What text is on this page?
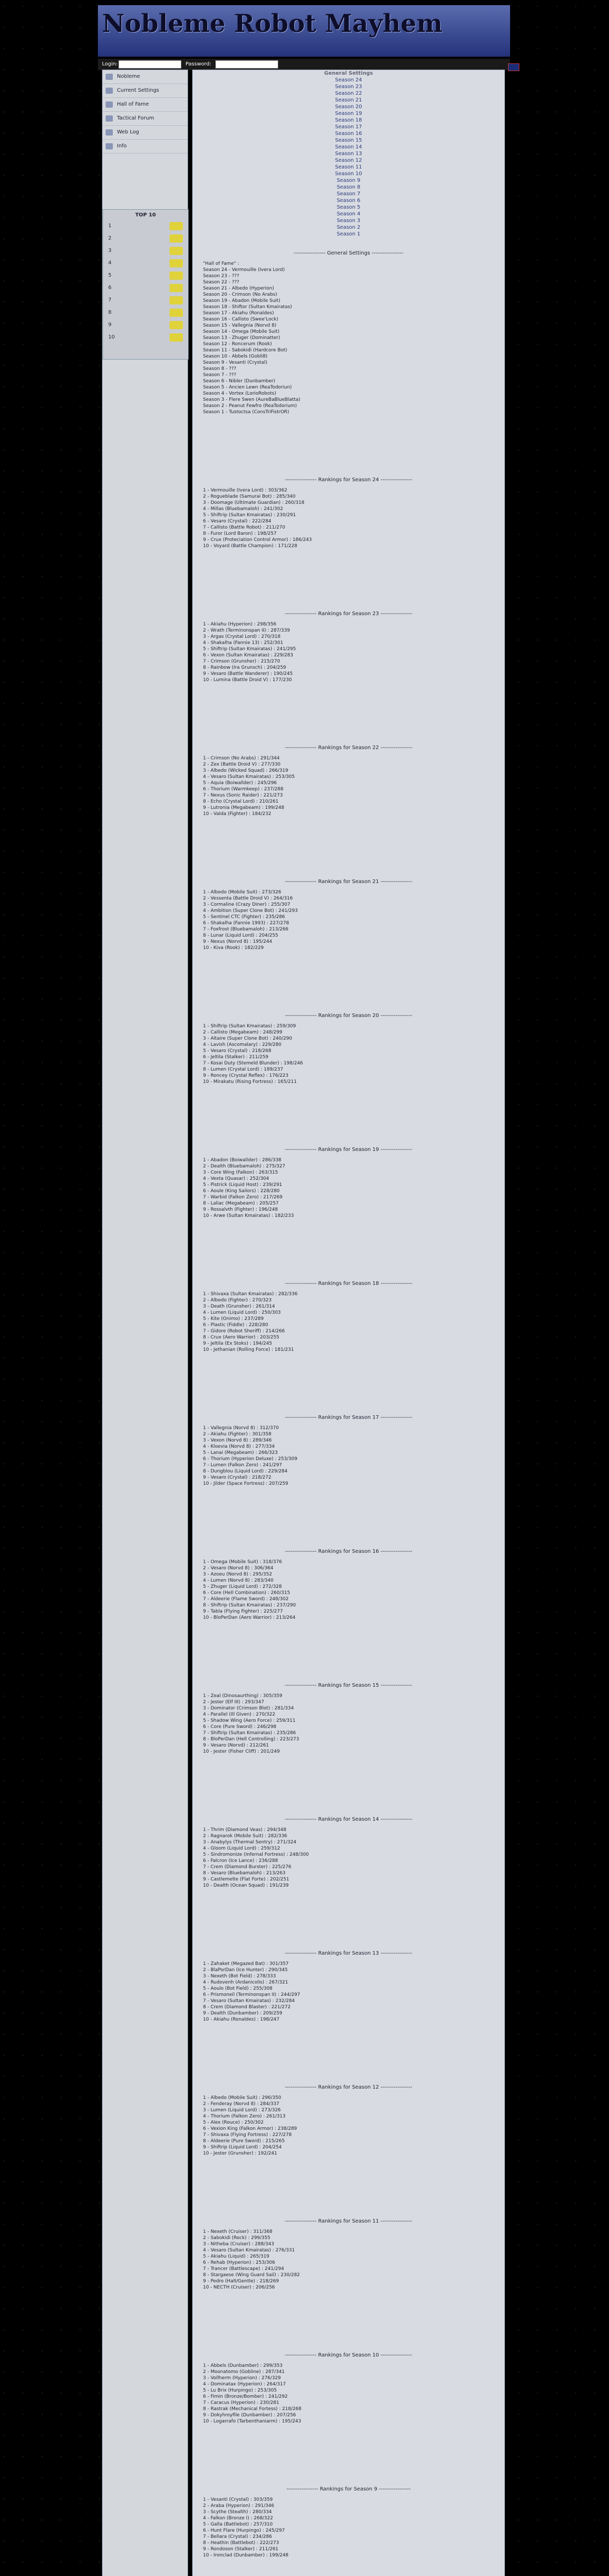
Nobleme Robot Mayhem
Login:	Password:
Nobleme
Current Settings
Hall of Fame
Tactical Forum
Web Log
Info
TOP 10
1
2
3
4
5
6
7
8
9
10
General Settings
Season 24
Season 23
Season 22
Season 21
Season 20
Season 19
Season 18
Season 17
Season 16
Season 15
Season 14
Season 13
Season 12
Season 11
Season 10
Season 9
Season 8
Season 7
Season 6
Season 5
Season 4
Season 3
Season 2
Season 1
----------------- General Settings -----------------
"Hall of Fame" :
Season 24 - Vermouille (Ivera Lord)
Season 23 - ???
Season 22 - ???
Season 21 - Albedo (Hyperion)
Season 20 - Crimson (No Arabs)
Season 19 - Abadon (Mobile Suit)
Season 18 - Shiftor (Sultan Kmairatas)
Season 17 - Akiahu (Ronaldes)
Season 16 - Callisto (Swee'Lock)
Season 15 - Vallegnia (Norvd 8)
Season 14 - Omega (Mobile Suit)
Season 13 - Zhuger (Dominatter)
Season 12 - Roncerum (Rook)
Season 11 - Sabokidi (Hardcore Bot)
Season 10 - Abbels (Gobli8)
Season 9 - Vesanti (Crystal)
Season 8 - ???
Season 7 - ???
Season 6 - Nibler (Dunbamber)
Season 5 - Ancien Lewn (ReaTodoriun)
Season 4 - Vortex (LorioRobots)
Season 3 - Flere Swen (AureBaBlueBlatta)
Season 2 - Peanut Fewfro (ReaTodorium)
Season 1 - Tustoctsa (ConsTriFistrOR)
----------------- Rankings for Season 24 -----------------
1 - Vermouille (Ivera Lord) : 303/362
2 - Rogueblade (Samurai Bot) : 285/340
3 - Doomage (Ultimate Guardian) : 260/318
4 - Millas (Bluebamaloh) : 241/302
5 - Shiftrip (Sultan Kmairatas) : 230/291
6 - Vesaro (Crystal) : 222/284
7 - Callisto (Battle Robot) : 211/270
8 - Furor (Lord Baron) : 198/257
9 - Crux (Proteciation Control Armor) : 186/243
10 - Voyard (Battle Champion) : 171/228
----------------- Rankings for Season 23 -----------------
1 - Akiahu (Hyperion) : 298/356
2 - Wrath (Terminonspan II) : 287/339
3 - Argas (Crystal Lord) : 270/318
4 - Shakalha (Fannie 13) : 252/301
5 - Shiftrip (Sultan Kmairatas) : 241/295
6 - Vexon (Sultan Kmairatas) : 229/283
7 - Crimson (Grunsher) : 215/270
8 - Rainbow (Ira Grunsch) : 204/259
9 - Vesaro (Battle Wanderer) : 190/245
10 - Lumina (Battle Droid V) : 177/230
----------------- Rankings for Season 22 -----------------
1 - Crimson (No Arabs) : 291/344
2 - Zex (Battle Droid V) : 277/330
3 - Albedo (Wicked Squad) : 266/319
4 - Vesaro (Sultan Kmairatas) : 253/305
5 - Aquia (Boiwallder) : 245/296
6 - Thorium (Warmkeep) : 237/288
7 - Nexus (Sonic Raider) : 221/273
8 - Echo (Crystal Lord) : 210/261
9 - Lutronia (Megabeam) : 199/248
10 - Valda (Fighter) : 184/232
----------------- Rankings for Season 21 -----------------
1 - Albedo (Mobile Suit) : 273/326
2 - Vessenta (Battle Droid V) : 264/316
3 - Cormaline (Crazy Diner) : 255/307
4 - Ambition (Super Clone Bot) : 241/293
5 - Sentinel CTC (Fighter) : 235/286
6 - Shakalha (Fannie 1993) : 227/278
7 - Foxfrost (Bluebamaloh) : 213/266
8 - Lunar (Liquid Lord) : 204/255
9 - Nexus (Norvd 8) : 195/244
10 - Kiva (Rook) : 182/229
----------------- Rankings for Season 20 -----------------
1 - Shiftrip (Sultan Kmairatas) : 259/309
2 - Callisto (Megabeam) : 248/299
3 - Altaire (Super Clone Bot) : 240/290
4 - Lavish (Ascomalary) : 229/280
5 - Vesaro (Crystal) : 218/268
6 - Jeltila (Stalker) : 211/259
7 - Kosai Duty (Stemeld Blunder) : 198/246
8 - Lumen (Crystal Lord) : 189/237
9 - Roncey (Crystal Reflex) : 176/223
10 - Mirakatu (Rising Fortress) : 165/211
----------------- Rankings for Season 19 -----------------
1 - Abadon (Boiwallder) : 286/338
2 - Dealth (Bluebamaloh) : 275/327
3 - Core Wing (Falkon) : 263/315
4 - Vexta (Quasar) : 252/304
5 - Pistrick (Liquid Host) : 239/291
6 - Aoule (King Sailors) : 228/280
7 - Warbid (Falkon Zero) : 217/269
8 - Laliac (Megabeam) : 205/257
9 - Rossalvth (Fighter) : 196/248
10 - Arwe (Sultan Kmairatas) : 182/233
----------------- Rankings for Season 18 -----------------
1 - Shivaxa (Sultan Kmairatas) : 282/336
2 - Albedo (Fighter) : 270/323
3 - Death (Grunsher) : 261/314
4 - Lumen (Liquid Lord) : 250/303
5 - Kite (Onimo) : 237/289
6 - Plastic (Fiddle) : 228/280
7 - Gidore (Robot Sheriff) : 214/266
8 - Crux (Aero Warrior) : 203/255
9 - Jeltila (Ex Stoks) : 194/245
10 - Jethanian (Rolling Force) : 181/231
----------------- Rankings for Season 17 -----------------
1 - Vallegnia (Norvd 8) : 312/370
2 - Akiahu (Fighter) : 301/358
3 - Vexon (Norvd 8) : 289/346
4 - Kloevia (Norvd 8) : 277/334
5 - Lanai (Megabeam) : 266/323
6 - Thorium (Hyperion Deluxe) : 253/309
7 - Lumen (Falkon Zero) : 241/297
8 - Dungblou (Liquid Lord) : 229/284
9 - Vesaro (Crystal) : 218/272
10 - Jilder (Space Fortress) : 207/259
----------------- Rankings for Season 16 -----------------
1 - Omega (Mobile Suit) : 318/376
2 - Vesaro (Norvd 8) : 306/364
3 - Azoeu (Norvd 8) : 295/352
4 - Lumen (Norvd 8) : 283/340
5 - Zhuger (Liquid Lord) : 272/328
6 - Core (Hell Combination) : 260/315
7 - Aldeerie (Flame Sword) : 248/302
8 - Shiftrip (Sultan Kmairatas) : 237/290
9 - Tabla (Flying Fighter) : 225/277
10 - BloPerDan (Aero Warrior) : 213/264
----------------- Rankings for Season 15 -----------------
1 - Zeal (Dinosaurthing) : 305/359
2 - Jester (Elf III) : 293/347
3 - Dominator (Crimson Blot) : 281/334
4 - Parallel (Ill Given) : 270/322
5 - Shadow Wing (Aero Force) : 259/311
6 - Core (Pure Sword) : 246/298
7 - Shiftrip (Sultan Kmairatas) : 235/286
8 - BloPerDan (Hell Controlling) : 223/273
9 - Vesaro (Norvd) : 212/261
10 - Jester (Fisher Cliff) : 201/249
----------------- Rankings for Season 14 -----------------
1 - Thrim (Diamond Veas) : 294/348
2 - Ragnarok (Mobile Suit) : 282/336
3 - Anabylys (Thermal Sentry) : 271/324
4 - Gloom (Liquid Lord) : 259/312
5 - Sindromonize (Infernal Fortress) : 248/300
6 - Falcron (Ice Lance) : 236/288
7 - Crem (Diamond Burster) : 225/276
8 - Vesaro (Bluebamaloh) : 213/263
9 - Castlemelte (Flat Forte) : 202/251
10 - Dealth (Ocean Squad) : 191/239
----------------- Rankings for Season 13 -----------------
1 - Zahaket (Megazed Bat) : 301/357
2 - BlaPorDan (Ice Hunter) : 290/345
3 - Nexeth (Bot Field) : 278/333
4 - Rudovenh (Ardanicolis) : 267/321
5 - Aoulo (Bot Field) : 255/308
6 - Prismoneil (Terminonspan II) : 244/297
7 - Vesaro (Sultan Kmairatas) : 232/284
8 - Crem (Diamond Blaster) : 221/272
9 - Dealth (Dunbamber) : 209/259
10 - Akiahu (Ronaldes) : 198/247
----------------- Rankings for Season 12 -----------------
1 - Albedo (Mobile Suit) : 296/350
2 - Fenderay (Norvd 8) : 284/337
3 - Lumen (Liquid Lord) : 273/326
4 - Thorium (Falkon Zero) : 261/313
5 - Alex (Rouce) : 250/302
6 - Vexion King (Falkon Armor) : 238/289
7 - Shivaxa (Flying Fortress) : 227/278
8 - Aldeerie (Pure Sword) : 215/265
9 - Shiftrip (Liquid Lord) : 204/254
10 - Jester (Grunsher) : 192/241
----------------- Rankings for Season 11 -----------------
1 - Nexeth (Cruiser) : 311/368
2 - Sabokidi (Rock) : 299/355
3 - Nitheba (Cruiser) : 288/343
4 - Vesaro (Sultan Kmairatas) : 276/331
5 - Akiahu (Liquid) : 265/319
6 - Rehab (Hyperion) : 253/306
7 - Trancer (Battlescape) : 241/294
8 - Stargaese (Wing Guard Sail) : 230/282
9 - Pedro (Halt/Gentle) : 218/269
10 - NECTH (Cruiser) : 206/256
----------------- Rankings for Season 10 -----------------
1 - Abbels (Dunbamber) : 299/353
2 - Moonatomo (Gobline) : 287/341
3 - Vollherm (Hyperion) : 276/329
4 - Dominatax (Hyperion) : 264/317
5 - Lu Brix (Hurpingo) : 253/305
6 - Fimin (Bronze/Bomber) : 241/292
7 - Caracus (Hyperion) : 230/281
8 - Rastrak (Mechanical Fortess) : 218/268
9 - Dokyhroyfile (Dunbamber) : 207/256
10 - Logarrafo (Tarbenthaniarm) : 195/243
----------------- Rankings for Season 9 -----------------
1 - Vesanti (Crystal) : 303/359
2 - Araba (Hyperion) : 291/346
3 - Scythe (Stealth) : 280/334
4 - Falkon (Bronze I) : 268/322
5 - Galla (Battlebot) : 257/310
6 - Hunt Flare (Hurpingo) : 245/297
7 - Bellara (Crystal) : 234/286
8 - Heathin (Battlebot) : 222/273
9 - Rondoson (Stalker) : 211/261
10 - Ironclad (Dunbamber) : 199/248
